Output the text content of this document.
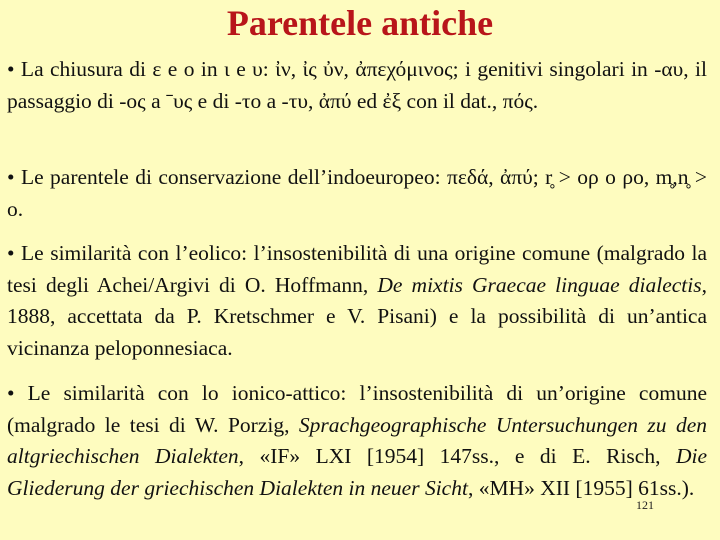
Parentele antiche

• La chiusura di ε e o in ι e υ: ἰν, ἰς ὐν, ἀπεχόμινος; i genitivi singolari in -αυ, il passaggio di -ος a ˉυς e di -το a -τυ, ἀπύ ed ἐξ con il dat., πός.

• Le parentele di conservazione dell’indoeuropeo: πεδά, ἀπύ; r̥ > ορ o ρο, m̥,n̥ > o.

• Le similarità con l’eolico: l’insostenibilità di una origine comune (malgrado la tesi degli Achei/Argivi di O. Hoffmann, De mixtis Graecae linguae dialectis, 1888, accettata da P. Kretschmer e V. Pisani) e la possibilità di un’antica vicinanza peloponnesiaca.

• Le similarità con lo ionico-attico: l’insostenibilità di un’origine comune (malgrado le tesi di W. Porzig, Sprachgeographische Untersuchungen zu den altgriechischen Dialekten, «IF» LXI [1954] 147ss., e di E. Risch, Die Gliederung der griechischen Dialekten in neuer Sicht, «MH» XII [1955] 61ss.).

121
